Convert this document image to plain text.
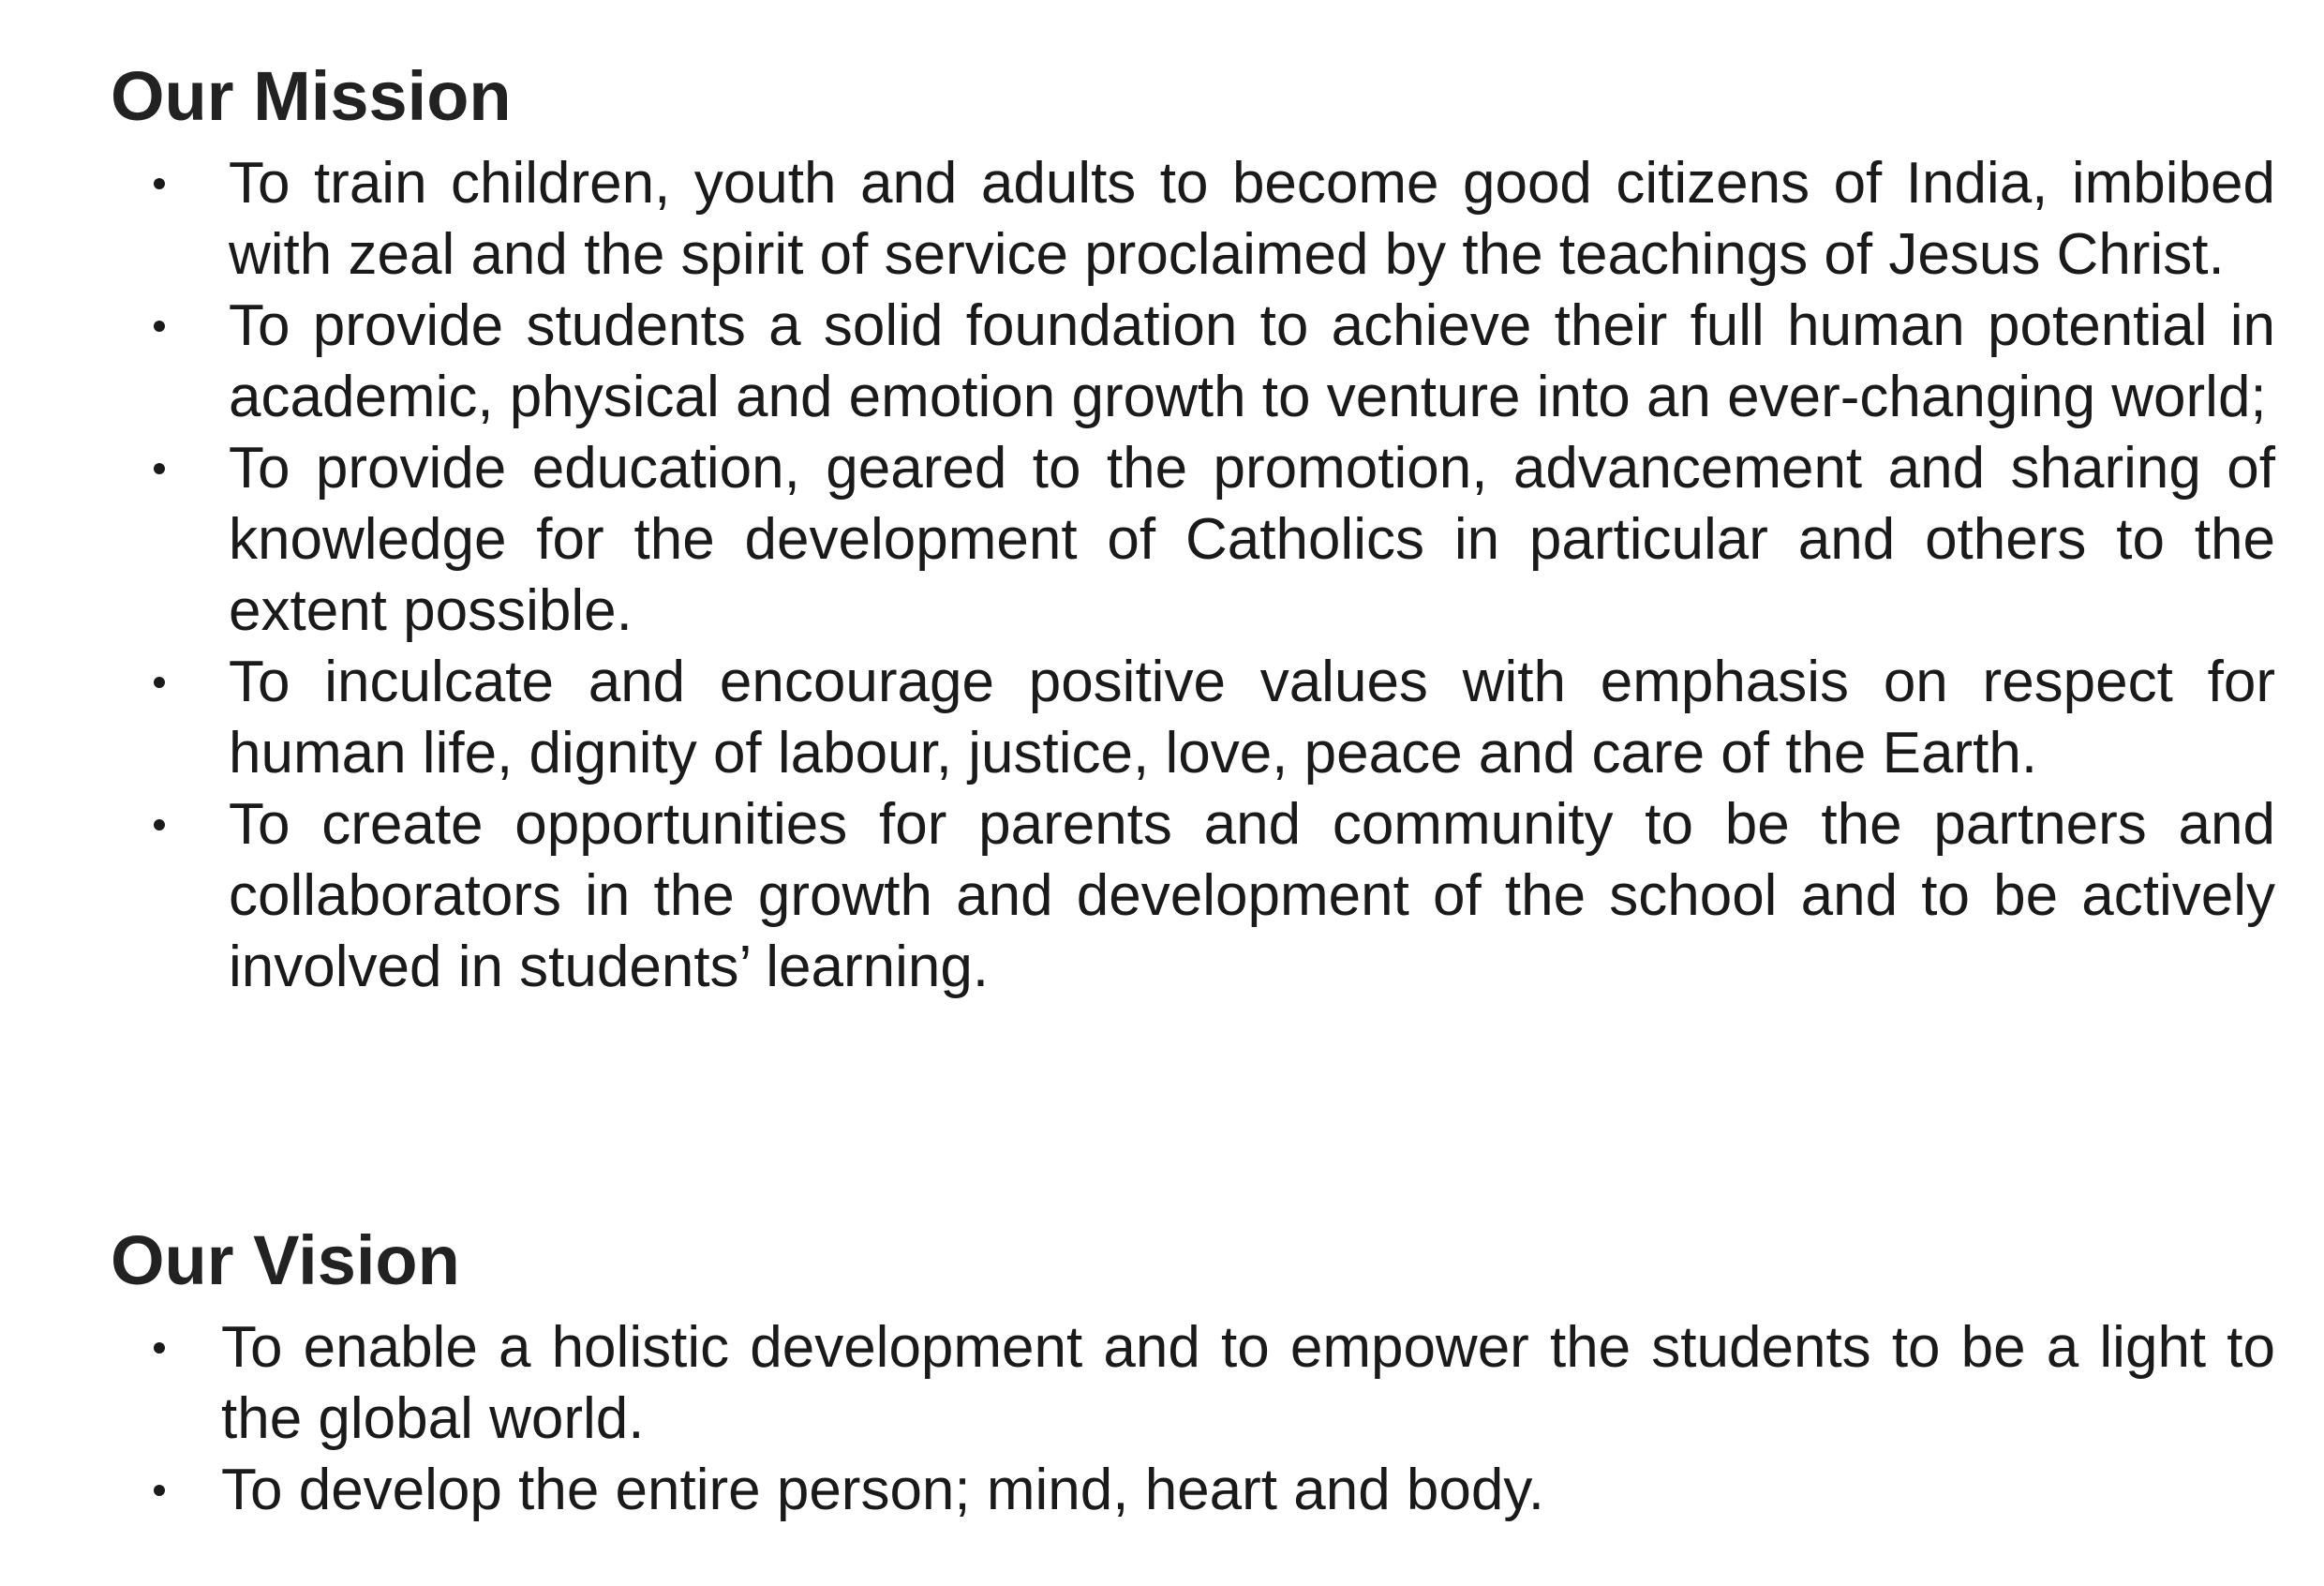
Our Mission
To train children, youth and adults to become good citizens of India, imbibed with zeal and the spirit of service proclaimed by the teachings of Jesus Christ.
To provide students a solid foundation to achieve their full human potential in academic, physical and emotion growth to venture into an ever-changing world;
To provide education, geared to the promotion, advancement and sharing of knowledge for the development of Catholics in particular and others to the extent possible.
To inculcate and encourage positive values with emphasis on respect for human life, dignity of labour, justice, love, peace and care of the Earth.
To create opportunities for parents and community to be the partners and collaborators in the growth and development of the school and to be actively involved in students’ learning.
Our Vision
To enable a holistic development and to empower the students to be a light to the global world.
To develop the entire person; mind, heart and body.
